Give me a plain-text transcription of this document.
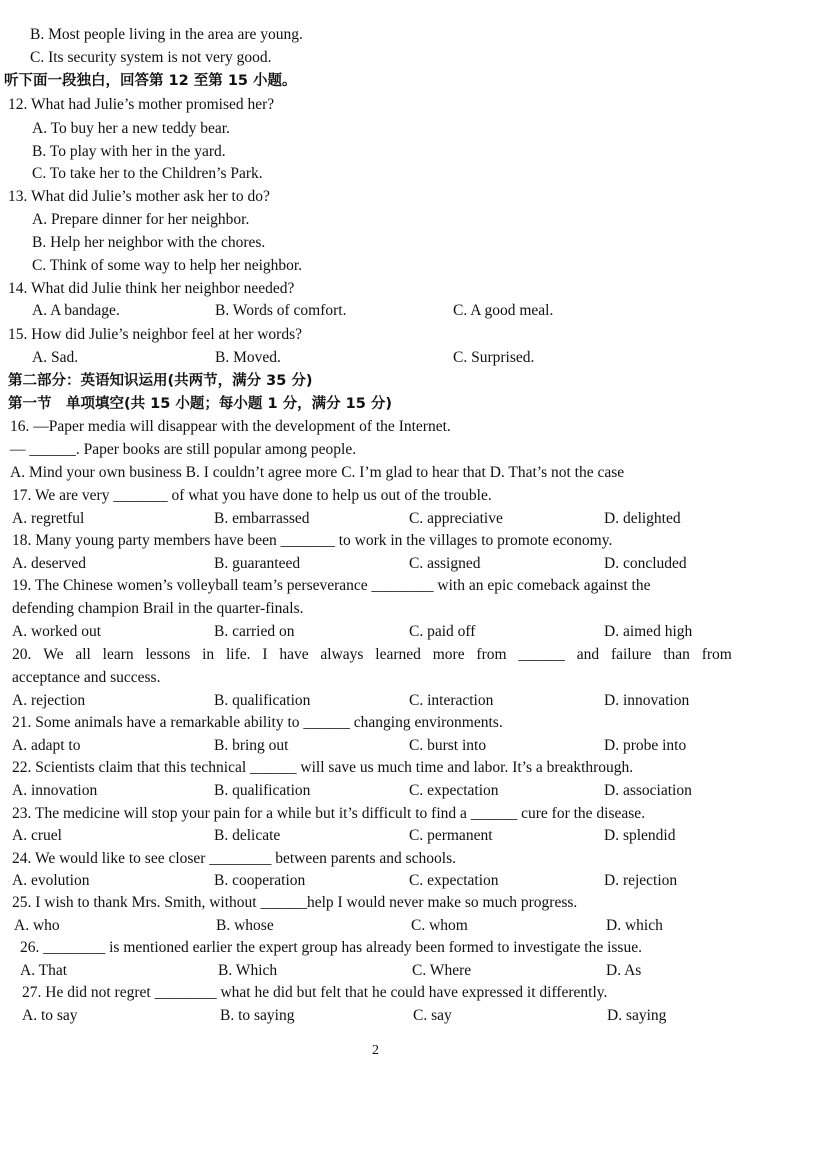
B. Most people living in the area are young.
C. Its security system is not very good.
听下面一段独白，回答第 12 至第 15 小题。
12. What had Julie’s mother promised her?
A. To buy her a new teddy bear.
B. To play with her in the yard.
C. To take her to the Children’s Park.
13. What did Julie’s mother ask her to do?
A. Prepare dinner for her neighbor.
B. Help her neighbor with the chores.
C. Think of some way to help her neighbor.
14. What did Julie think her neighbor needed?
A. A bandage.	B. Words of comfort.	C. A good meal.
15. How did Julie’s neighbor feel at her words?
A. Sad.	B. Moved.	C. Surprised.
第二部分：英语知识运用(共两节，满分 35 分)
第一节　单项填空(共 15 小题；每小题 1 分，满分 15 分)
16. —Paper media will disappear with the development of the Internet.
— ______. Paper books are still popular among people.
A. Mind your own business B. I couldn’t agree more C. I’m glad to hear that D. That’s not the case
17. We are very _______ of what you have done to help us out of the trouble.
A. regretful	B. embarrassed	C. appreciative	D. delighted
18. Many young party members have been _______ to work in the villages to promote economy.
A. deserved	B. guaranteed	C. assigned	D. concluded
19. The Chinese women’s volleyball team’s perseverance ________ with an epic comeback against the
defending champion Brail in the quarter-finals.
A. worked out	B. carried on	C. paid off	D. aimed high
20. We all learn lessons in life. I have always learned more from ______ and failure than from
acceptance and success.
A. rejection	B. qualification	C. interaction	D. innovation
21. Some animals have a remarkable ability to ______ changing environments.
A. adapt to	B. bring out	C. burst into	D. probe into
22. Scientists claim that this technical ______ will save us much time and labor. It’s a breakthrough.
A. innovation	B. qualification	C. expectation	D. association
23. The medicine will stop your pain for a while but it’s difficult to find a ______ cure for the disease.
A. cruel	B. delicate	C. permanent	D. splendid
24. We would like to see closer ________ between parents and schools.
A. evolution	B. cooperation	C. expectation	D. rejection
25. I wish to thank Mrs. Smith, without ______help I would never make so much progress.
A. who	B. whose	C. whom	D. which
26. ________ is mentioned earlier the expert group has already been formed to investigate the issue.
A. That	B. Which	C. Where	D. As
27. He did not regret ________ what he did but felt that he could have expressed it differently.
A. to say	B. to saying	C. say	D. saying
2
